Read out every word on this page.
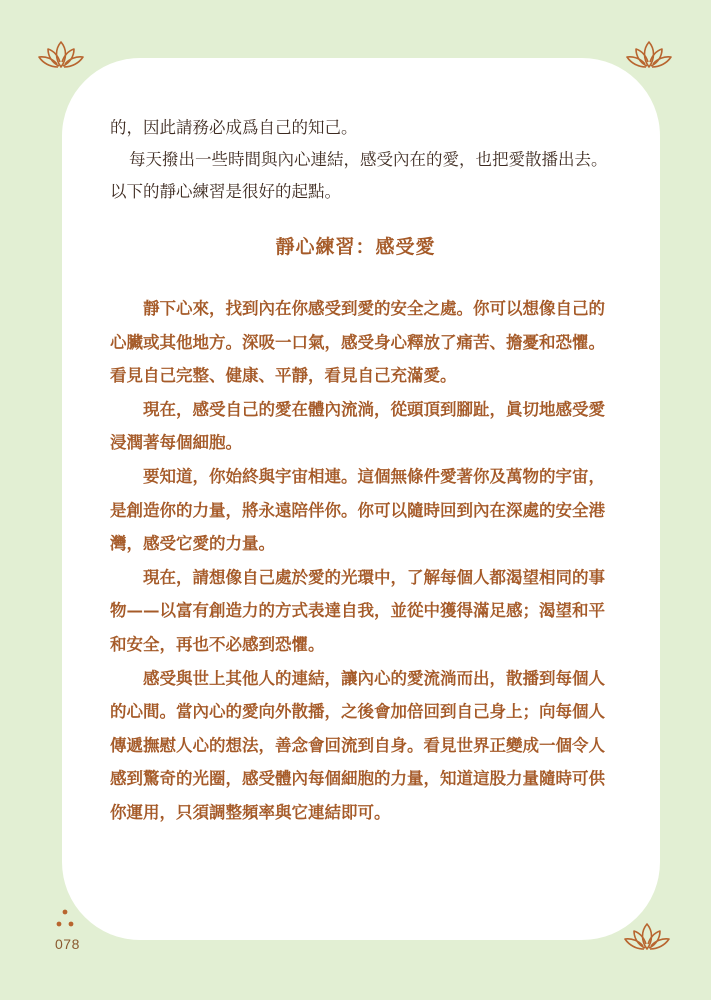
的，因此請務必成爲自己的知己。

每天撥出一些時間與內心連結，感受內在的愛，也把愛散播出去。以下的靜心練習是很好的起點。

靜心練習：感受愛

靜下心來，找到內在你感受到愛的安全之處。你可以想像自己的心臟或其他地方。深吸一口氣，感受身心釋放了痛苦、擔憂和恐懼。看見自己完整、健康、平靜，看見自己充滿愛。

現在，感受自己的愛在體內流淌，從頭頂到腳趾，眞切地感受愛浸潤著每個細胞。

要知道，你始終與宇宙相連。這個無條件愛著你及萬物的宇宙，是創造你的力量，將永遠陪伴你。你可以隨時回到內在深處的安全港灣，感受它愛的力量。

現在，請想像自己處於愛的光環中，了解每個人都渴望相同的事物——以富有創造力的方式表達自我，並從中獲得滿足感；渴望和平和安全，再也不必感到恐懼。

感受與世上其他人的連結，讓內心的愛流淌而出，散播到每個人的心間。當內心的愛向外散播，之後會加倍回到自己身上；向每個人傳遞撫慰人心的想法，善念會回流到自身。看見世界正變成一個令人感到驚奇的光圈，感受體內每個細胞的力量，知道這股力量隨時可供你運用，只須調整頻率與它連結即可。

078
